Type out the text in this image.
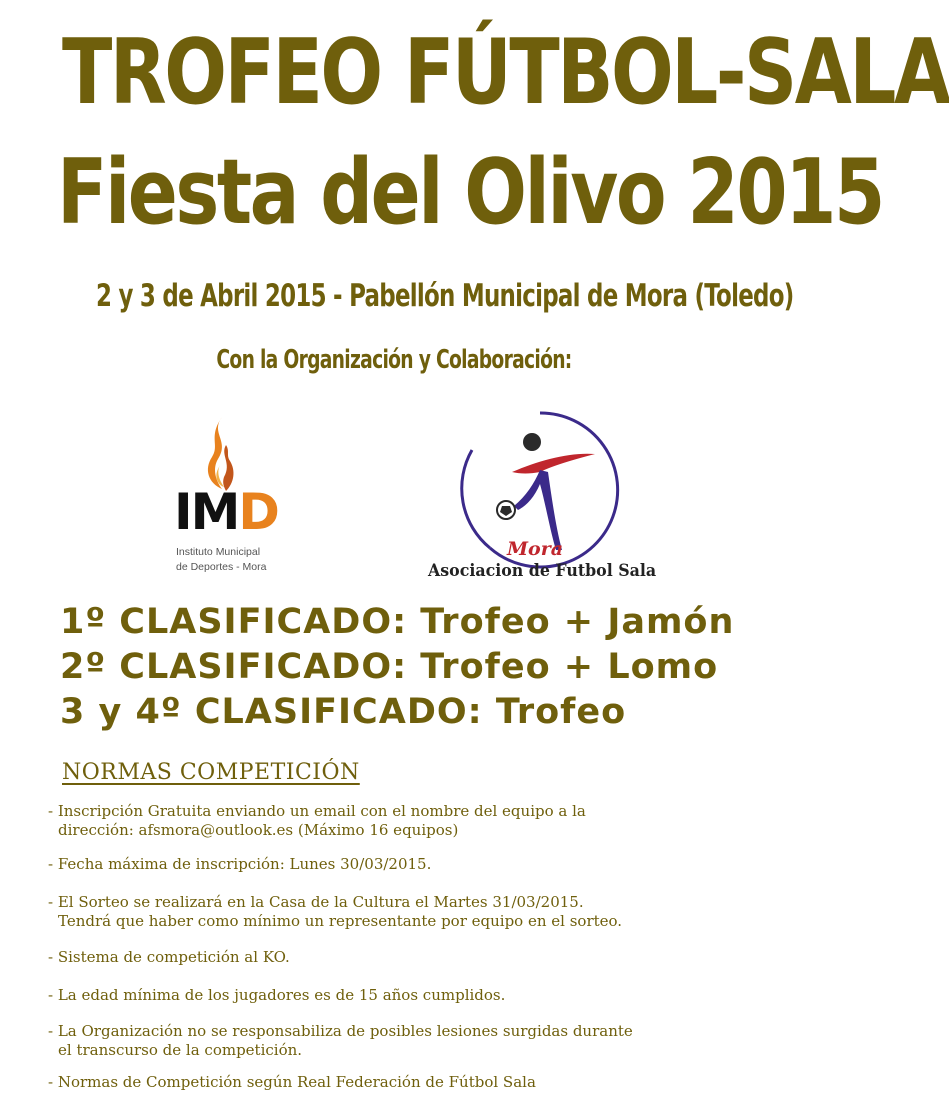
TROFEO FÚTBOL-SALA
Fiesta del Olivo 2015

2 y 3 de Abril 2015 - Pabellón Municipal de Mora (Toledo)

Con la Organización y Colaboración:

IMD
Instituto Municipal
de Deportes - Mora
Mora
Asociacion de Futbol Sala

1º CLASIFICADO: Trofeo + Jamón

2º CLASIFICADO: Trofeo + Lomo

3 y 4º CLASIFICADO: Trofeo

NORMAS COMPETICIÓN

- Inscripción Gratuita enviando un email con el nombre del equipo a la
dirección: afsmora@outlook.es (Máximo 16 equipos)

- Fecha máxima de inscripción: Lunes 30/03/2015.

- El Sorteo se realizará en la Casa de la Cultura el Martes 31/03/2015.
Tendrá que haber como mínimo un representante por equipo en el sorteo.

- Sistema de competición al KO.

- La edad mínima de los jugadores es de 15 años cumplidos.

- La Organización no se responsabiliza de posibles lesiones surgidas durante
el transcurso de la competición.

- Normas de Competición según Real Federación de Fútbol Sala
